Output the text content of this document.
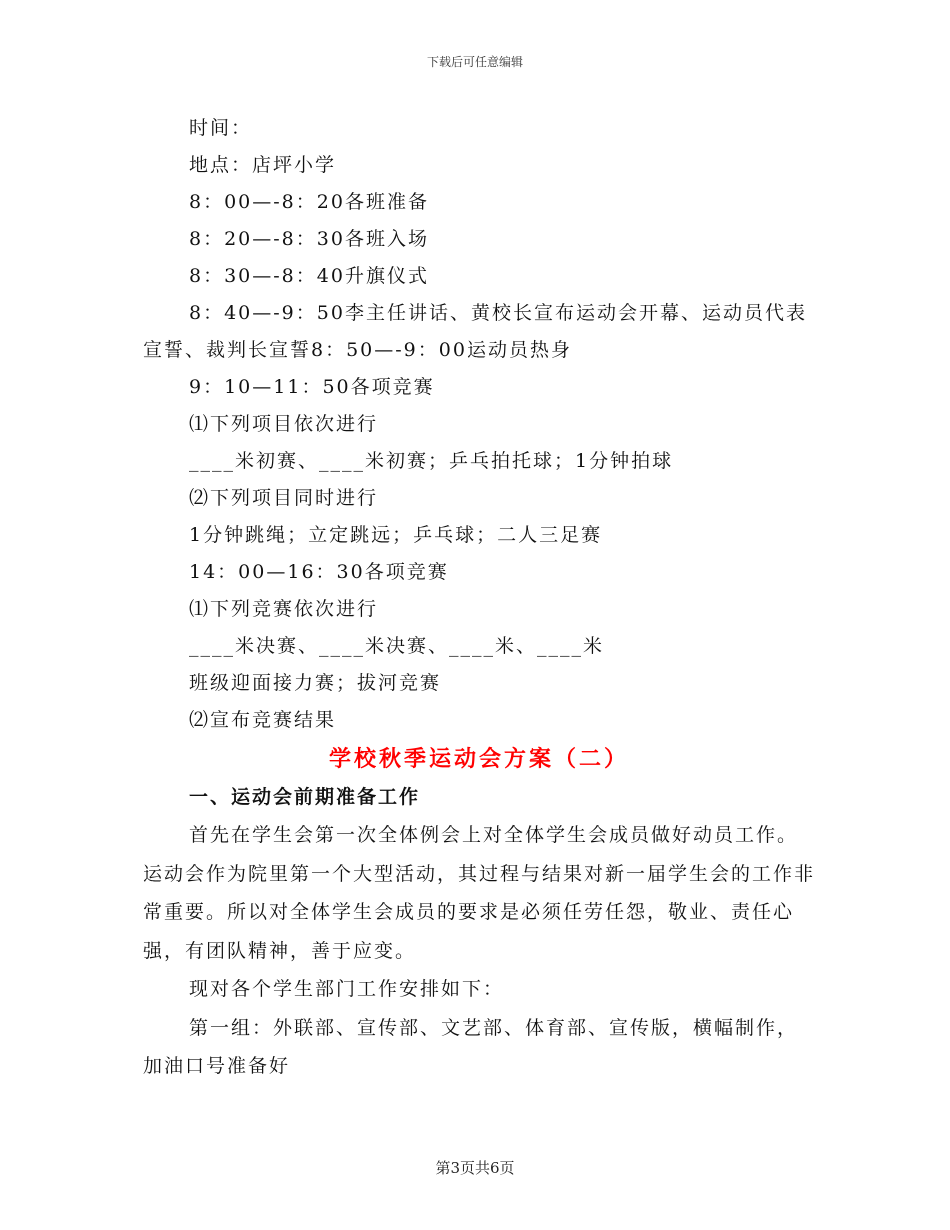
下载后可任意编辑
时间：
地点：店坪小学
8：00—-8：20各班准备
8：20—-8：30各班入场
8：30—-8：40升旗仪式
8：40—-9：50李主任讲话、黄校长宣布运动会开幕、运动员代表
宣誓、裁判长宣誓8：50—-9：00运动员热身
9：10—11：50各项竞赛
⑴下列项目依次进行
____米初赛、____米初赛；乒乓拍托球；1分钟拍球
⑵下列项目同时进行
1分钟跳绳；立定跳远；乒乓球；二人三足赛
14：00—16：30各项竞赛
⑴下列竞赛依次进行
____米决赛、____米决赛、____米、____米
班级迎面接力赛；拔河竞赛
⑵宣布竞赛结果
学校秋季运动会方案（二）
一、运动会前期准备工作
首先在学生会第一次全体例会上对全体学生会成员做好动员工作。运动会作为院里第一个大型活动，其过程与结果对新一届学生会的工作非常重要。所以对全体学生会成员的要求是必须任劳任怨，敬业、责任心强，有团队精神，善于应变。
现对各个学生部门工作安排如下：
第一组：外联部、宣传部、文艺部、体育部、宣传版，横幅制作，加油口号准备好
第3页共6页
